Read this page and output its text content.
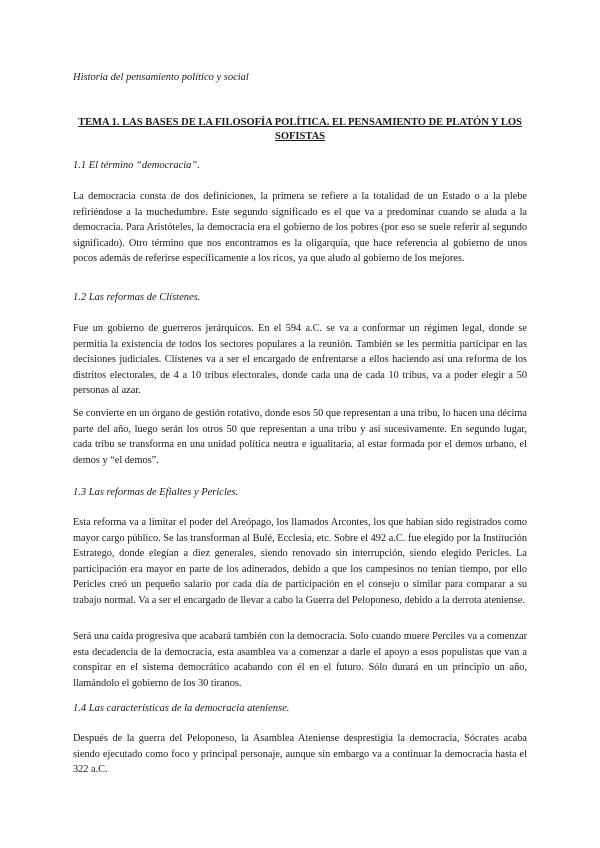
Historia del pensamiento político y social
TEMA 1. LAS BASES DE LA FILOSOFÍA POLÍTICA. EL PENSAMIENTO DE PLATÓN Y LOS SOFISTAS
1.1 El término “democracia”.
La democracia consta de dos definiciones, la primera se refiere a la totalidad de un Estado o a la plebe refiriéndose a la muchedumbre. Este segundo significado es el que va a predominar cuando se aluda a la democracia. Para Aristóteles, la democracia era el gobierno de los pobres (por eso se suele referir al segundo significado). Otro término que nos encontramos es la oligarquía, que hace referencia al gobierno de unos pocos además de referirse específicamente a los ricos, ya que aludo al gobierno de los mejores.
1.2 Las reformas de Clístenes.
Fue un gobierno de guerreros jerárquicos. En el 594 a.C. se va a conformar un régimen legal, donde se permitía la existencia de todos los sectores populares a la reunión. También se les permitía participar en las decisiones judiciales. Clístenes va a ser el encargado de enfrentarse a ellos haciendo así una reforma de los distritos electorales, de 4 a 10 tribus electorales, donde cada una de cada 10 tribus, va a poder elegir a 50 personas al azar.
Se convierte en un órgano de gestión rotativo, donde esos 50 que representan a una tribu, lo hacen una décima parte del año, luego serán los otros 50 que representan a una tribu y así sucesivamente. En segundo lugar, cada tribu se transforma en una unidad política neutra e igualitaria, al estar formada por el demos urbano, el demos y “el demos”.
1.3 Las reformas de Efialtes y Pericles.
Esta reforma va a limitar el poder del Areópago, los llamados Arcontes, los que habían sido registrados como mayor cargo público. Se las transforman al Bulé, Ecclesia, etc. Sobre el 492 a.C. fue elegido por la Institución Estratego, donde elegían a diez generales, siendo renovado sin interrupción, siendo elegido Pericles. La participación era mayor en parte de los adinerados, debido a que los campesinos no tenían tiempo, por ello Pericles creó un pequeño salario por cada día de participación en el consejo o similar para comparar a su trabajo normal. Va a ser el encargado de llevar a cabo la Guerra del Peloponeso, debido a la derrota ateniense.
Será una caída progresiva que acabará también con la democracia. Solo cuando muere Perciles va a comenzar esta decadencia de la democracia, esta asamblea va a comenzar a darle el apoyo a esos populistas que van a conspirar en el sistema democrático acabando con él en el futuro. Sólo durará en un principio un año, llamándolo el gobierno de los 30 tiranos.
1.4 Las características de la democracia ateniense.
Después de la guerra del Peloponeso, la Asamblea Ateniense desprestigia la democracia, Sócrates acaba siendo ejecutado como foco y principal personaje, aunque sin embargo va a continuar la democracia hasta el 322 a.C.
